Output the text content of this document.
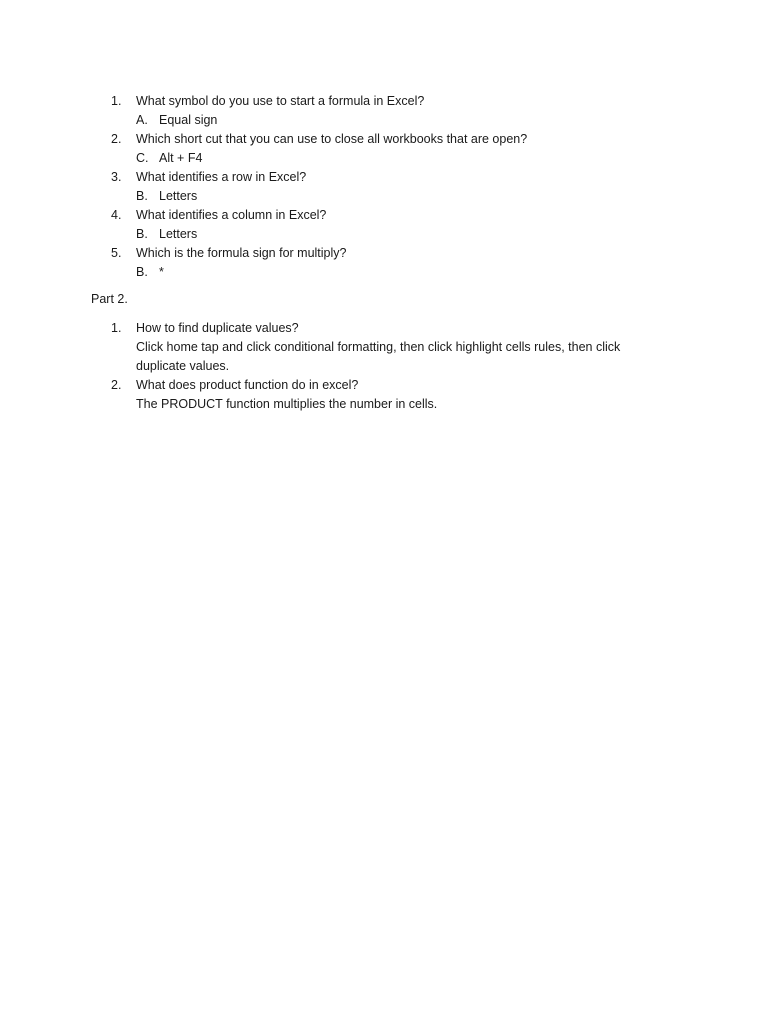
1.	What symbol do you use to start a formula in Excel?
A. Equal sign
2.	Which short cut that you can use to close all workbooks that are open?
C. Alt + F4
3.	What identifies a row in Excel?
B. Letters
4.	What identifies a column in Excel?
B. Letters
5.	Which is the formula sign for multiply?
B. *
Part 2.
1.	How to find duplicate values?
Click home tap and click conditional formatting, then click highlight cells rules, then click duplicate values.
2.	What does product function do in excel?
The PRODUCT function multiplies the number in cells.
